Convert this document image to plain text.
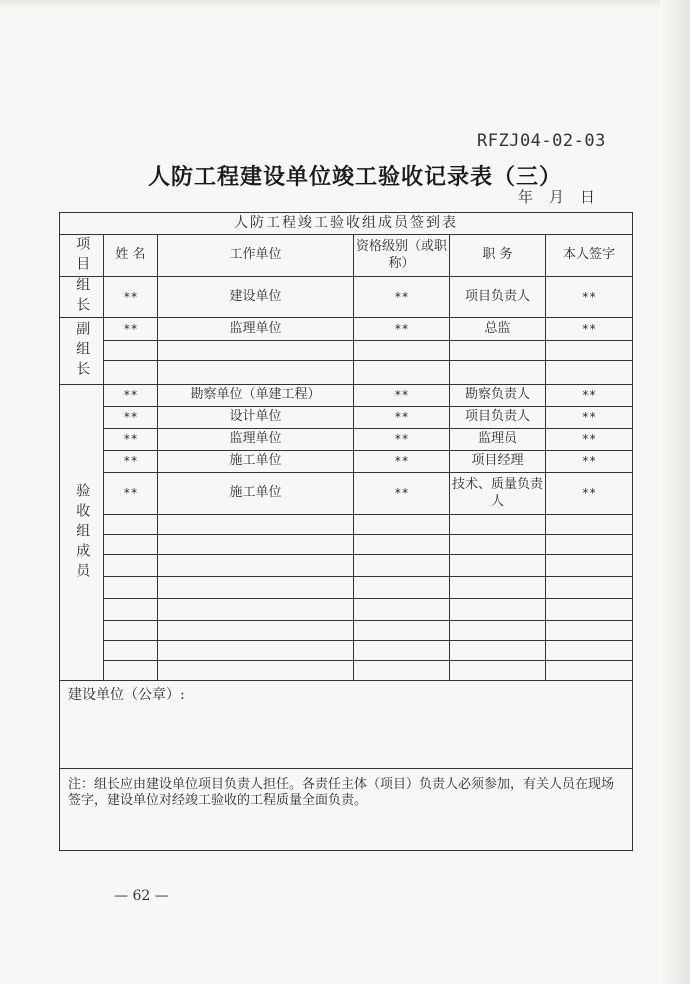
RFZJ04-02-03
人防工程建设单位竣工验收记录表（三）
年 月 日
人防工程竣工验收组成员签到表					
项目	姓 名	工作单位	资格级别（或职称）	职 务	本人签字
组长	**	建设单位	**	项目负责人	**
副组长	**	监理单位	**	总监	**

验收组成员	**	勘察单位（单建工程）	**	勘察负责人	**
	**	设计单位	**	项目负责人	**
	**	监理单位	**	监理员	**
	**	施工单位	**	项目经理	**
	**	施工单位	**	技术、质量负责人	**

建设单位（公章）:					
注：组长应由建设单位项目负责人担任。各责任主体（项目）负责人必须参加，有关人员在现场签字，建设单位对经竣工验收的工程质量全面负责。					
— 62 —
